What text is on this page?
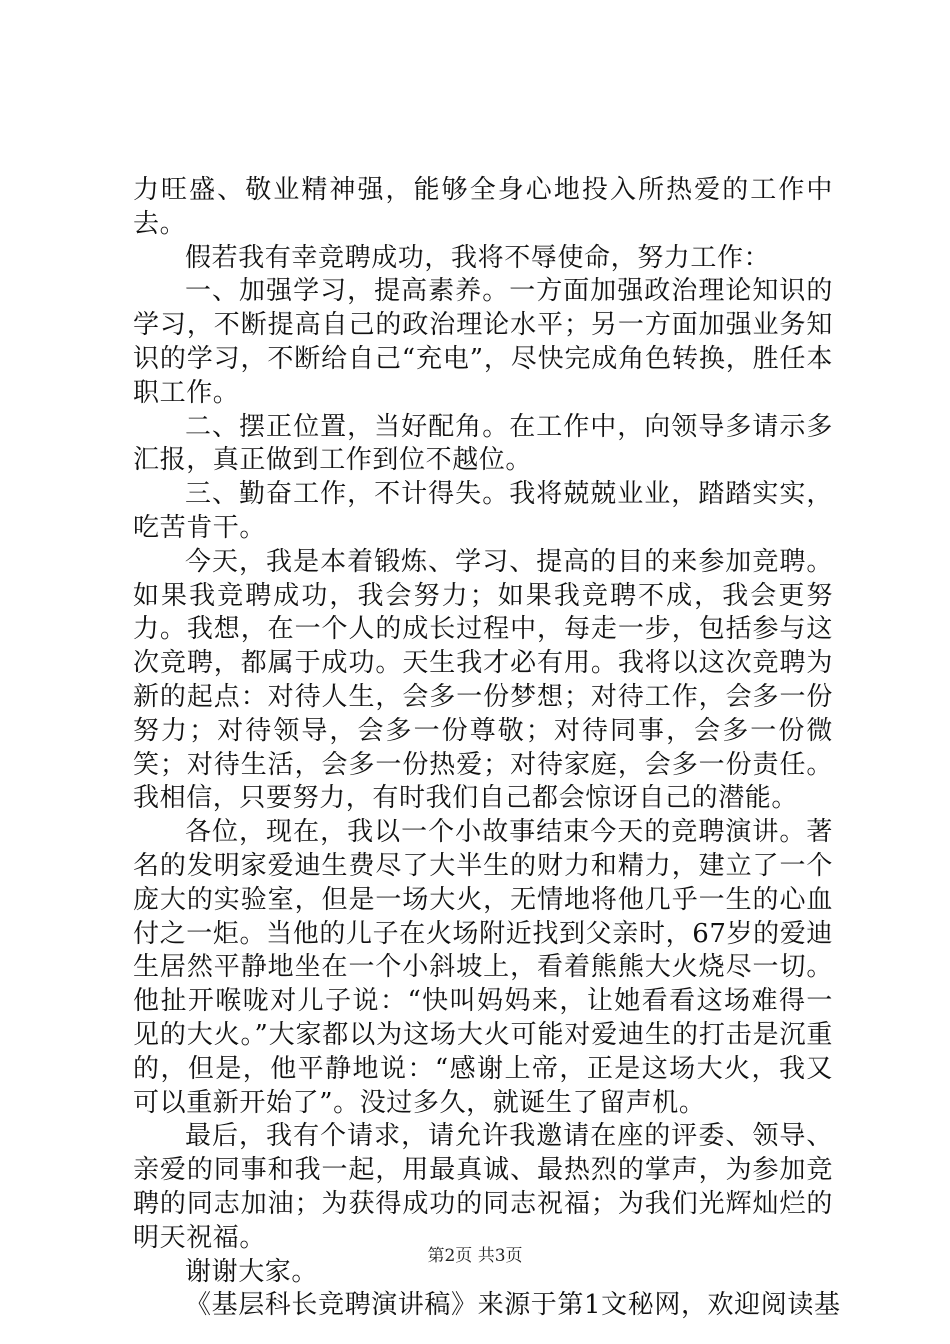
力旺盛、敬业精神强，能够全身心地投入所热爱的工作中去。

假若我有幸竞聘成功，我将不辱使命，努力工作：

一、加强学习，提高素养。一方面加强政治理论知识的学习，不断提高自己的政治理论水平；另一方面加强业务知识的学习，不断给自己“充电”，尽快完成角色转换，胜任本职工作。

二、摆正位置，当好配角。在工作中，向领导多请示多汇报，真正做到工作到位不越位。

三、勤奋工作，不计得失。我将兢兢业业，踏踏实实，吃苦肯干。

今天，我是本着锻炼、学习、提高的目的来参加竞聘。如果我竞聘成功，我会努力；如果我竞聘不成，我会更努力。我想，在一个人的成长过程中，每走一步，包括参与这次竞聘，都属于成功。天生我才必有用。我将以这次竞聘为新的起点：对待人生，会多一份梦想；对待工作，会多一份努力；对待领导，会多一份尊敬；对待同事，会多一份微笑；对待生活，会多一份热爱；对待家庭，会多一份责任。我相信，只要努力，有时我们自己都会惊讶自己的潜能。

各位，现在，我以一个小故事结束今天的竞聘演讲。著名的发明家爱迪生费尽了大半生的财力和精力，建立了一个庞大的实验室，但是一场大火，无情地将他几乎一生的心血付之一炬。当他的儿子在火场附近找到父亲时，67岁的爱迪生居然平静地坐在一个小斜坡上，看着熊熊大火烧尽一切。他扯开喉咙对儿子说：“快叫妈妈来，让她看看这场难得一见的大火。”大家都以为这场大火可能对爱迪生的打击是沉重的，但是，他平静地说：“感谢上帝，正是这场大火，我又可以重新开始了”。没过多久，就诞生了留声机。

最后，我有个请求，请允许我邀请在座的评委、领导、亲爱的同事和我一起，用最真诚、最热烈的掌声，为参加竞聘的同志加油；为获得成功的同志祝福；为我们光辉灿烂的明天祝福。

谢谢大家。

《基层科长竞聘演讲稿》来源于第1文秘网，欢迎阅读基

第2页 共3页
